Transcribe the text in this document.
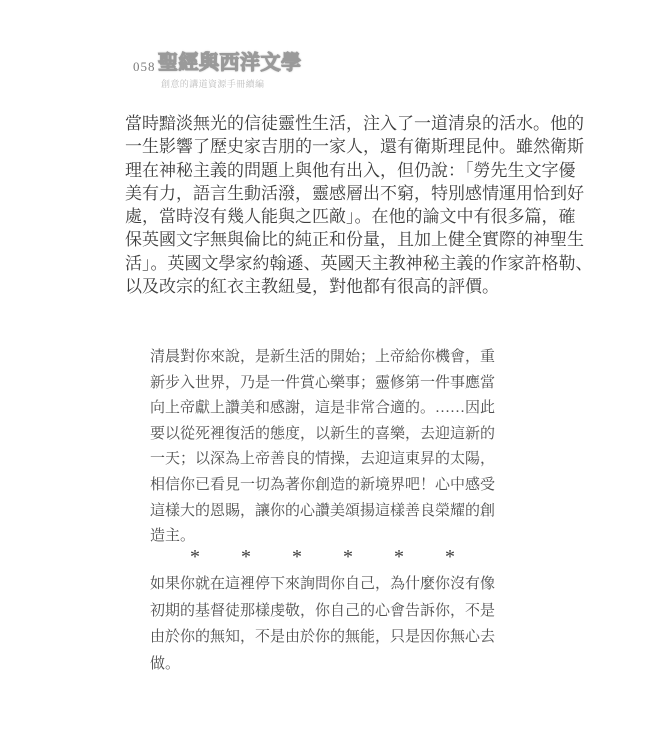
058 聖經與西洋文學
創意的講道資源手冊續編
當時黯淡無光的信徒靈性生活，注入了一道清泉的活水。他的
一生影響了歷史家吉朋的一家人，還有衛斯理昆仲。雖然衛斯
理在神秘主義的問題上與他有出入，但仍說：「勞先生文字優
美有力，語言生動活潑，靈感層出不窮，特別感情運用恰到好
處，當時沒有幾人能與之匹敵」。在他的論文中有很多篇，確
保英國文字無與倫比的純正和份量，且加上健全實際的神聖生
活」。英國文學家約翰遜、英國天主教神秘主義的作家許格勒、
以及改宗的紅衣主教紐曼，對他都有很高的評價。
清晨對你來說，是新生活的開始；上帝給你機會，重
新步入世界，乃是一件賞心樂事；靈修第一件事應當
向上帝獻上讚美和感謝，這是非常合適的。……因此
要以從死裡復活的態度，以新生的喜樂，去迎這新的
一天；以深為上帝善良的情操，去迎這東昇的太陽，
相信你已看見一切為著你創造的新境界吧！心中感受
這樣大的恩賜，讓你的心讚美頌揚這樣善良榮耀的創
造主。
* * * * * *
如果你就在這裡停下來詢問你自己，為什麼你沒有像
初期的基督徒那樣虔敬，你自己的心會告訴你，不是
由於你的無知，不是由於你的無能，只是因你無心去
做。
